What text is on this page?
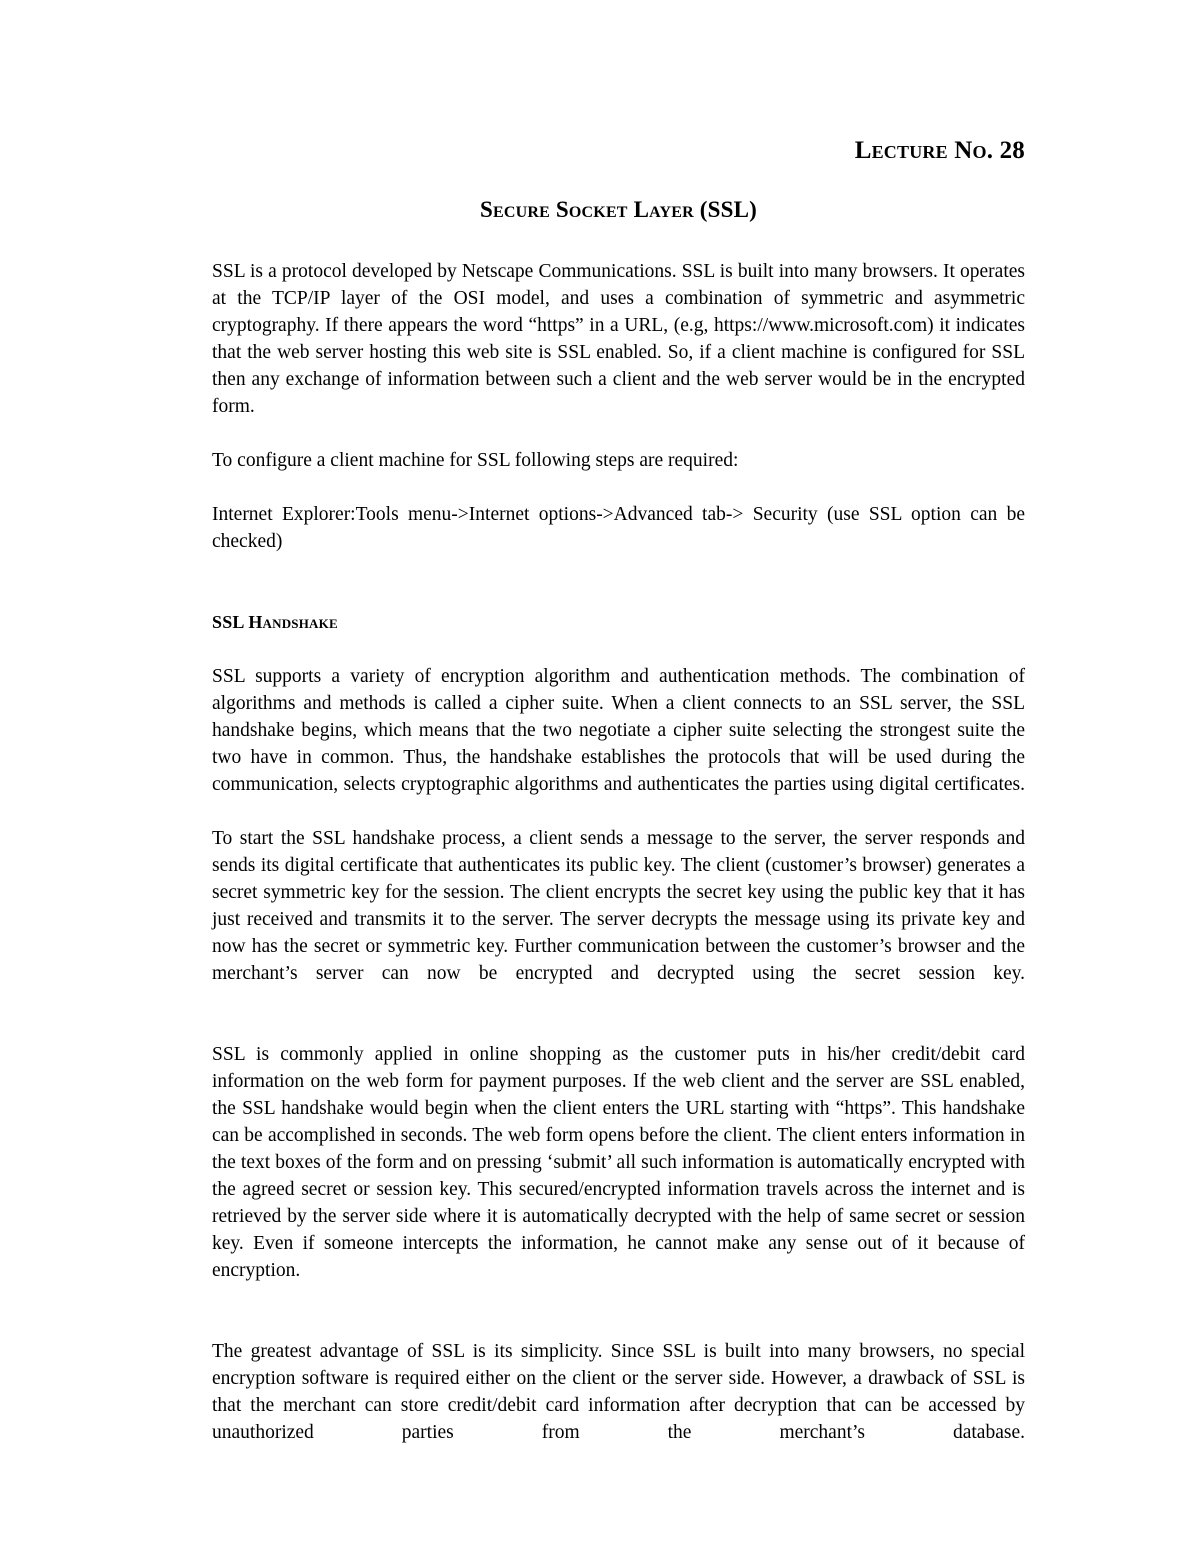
Lecture No. 28
Secure Socket Layer (SSL)

SSL is a protocol developed by Netscape Communications. SSL is built into many browsers. It operates at the TCP/IP layer of the OSI model, and uses a combination of symmetric and asymmetric cryptography. If there appears the word “https” in a URL, (e.g, https://www.microsoft.com) it indicates that the web server hosting this web site is SSL enabled. So, if a client machine is configured for SSL then any exchange of information between such a client and the web server would be in the encrypted form.

To configure a client machine for SSL following steps are required:

Internet Explorer:Tools menu->Internet options->Advanced tab-> Security (use SSL option can be checked)

SSL Handshake

SSL supports a variety of encryption algorithm and authentication methods. The combination of algorithms and methods is called a cipher suite. When a client connects to an SSL server, the SSL handshake begins, which means that the two negotiate a cipher suite selecting the strongest suite the two have in common. Thus, the handshake establishes the protocols that will be used during the communication, selects cryptographic algorithms and authenticates the parties using digital certificates.

To start the SSL handshake process, a client sends a message to the server, the server responds and sends its digital certificate that authenticates its public key. The client (customer’s browser) generates a secret symmetric key for the session. The client encrypts the secret key using the public key that it has just received and transmits it to the server. The server decrypts the message using its private key and now has the secret or symmetric key. Further communication between the customer’s browser and the merchant’s server can now be encrypted and decrypted using the secret session key.

SSL is commonly applied in online shopping as the customer puts in his/her credit/debit card information on the web form for payment purposes. If the web client and the server are SSL enabled, the SSL handshake would begin when the client enters the URL starting with “https”. This handshake can be accomplished in seconds. The web form opens before the client. The client enters information in the text boxes of the form and on pressing ‘submit’ all such information is automatically encrypted with the agreed secret or session key. This secured/encrypted information travels across the internet and is retrieved by the server side where it is automatically decrypted with the help of same secret or session key. Even if someone intercepts the information, he cannot make any sense out of it because of encryption.

The greatest advantage of SSL is its simplicity. Since SSL is built into many browsers, no special encryption software is required either on the client or the server side. However, a drawback of SSL is that the merchant can store credit/debit card information after decryption that can be accessed by unauthorized parties from the merchant’s database.
